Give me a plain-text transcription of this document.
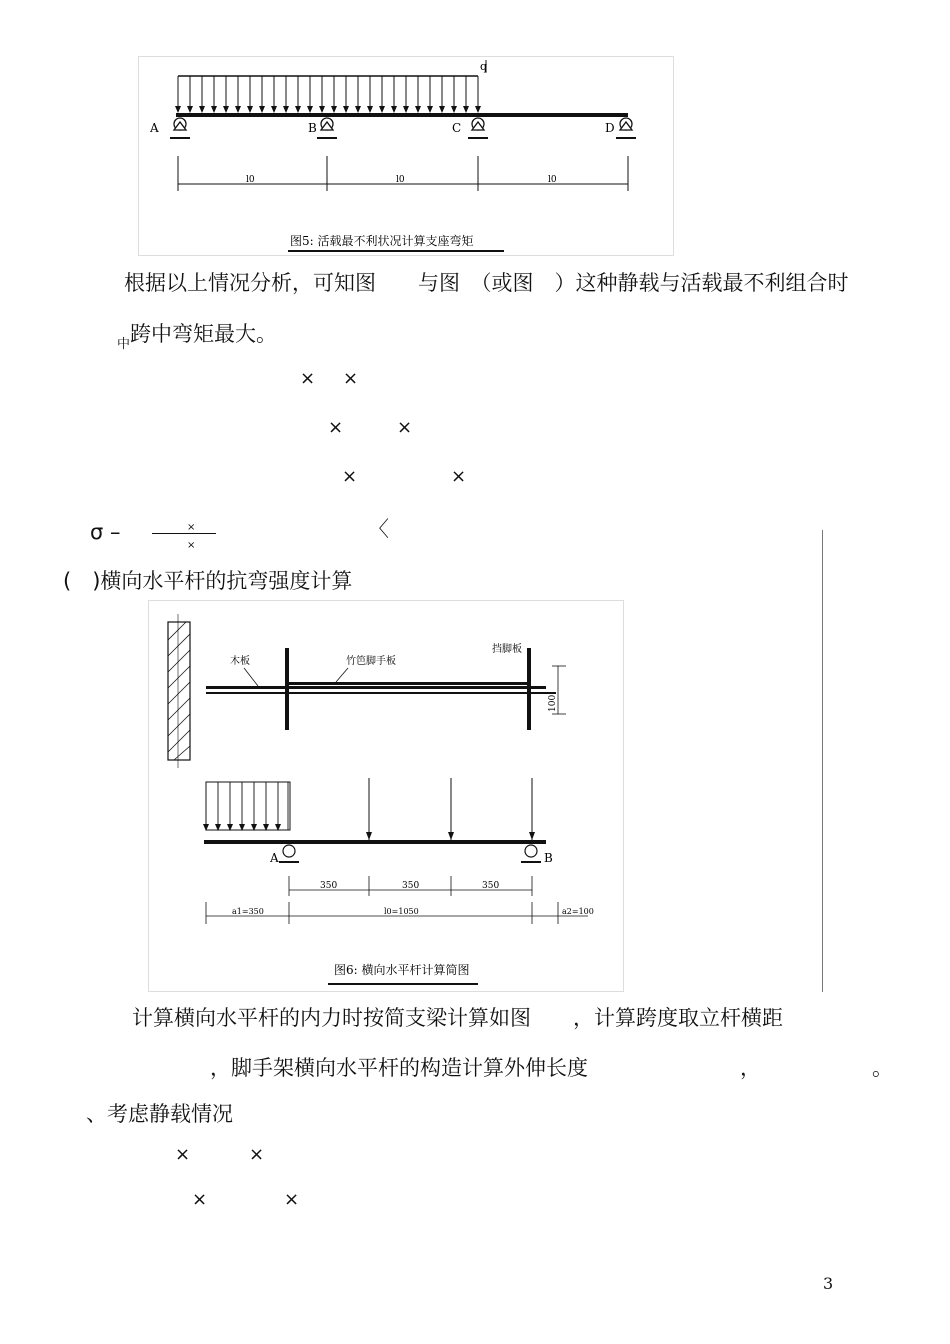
q
A	B	C	D
l0	l0	l0
图5: 活载最不利状况计算支座弯矩
根据以上情况分析，可知图　　与图　（或图　）这种静载与活载最不利组合时
中 跨中弯矩最大。
× ×
×	×
×	×
σ –	×
×
〈
(　)横向水平杆的抗弯强度计算
木板	竹笆脚手板
挡脚板
100
A	B
350	350	350
a1=350	l0=1050	a2=100
图6: 横向水平杆计算简图
计算横向水平杆的内力时按简支梁计算如图　　，计算跨度取立杆横距
，脚手架横向水平杆的构造计算外伸长度	，	。
、考虑静载情况
×	×
×	×
3
